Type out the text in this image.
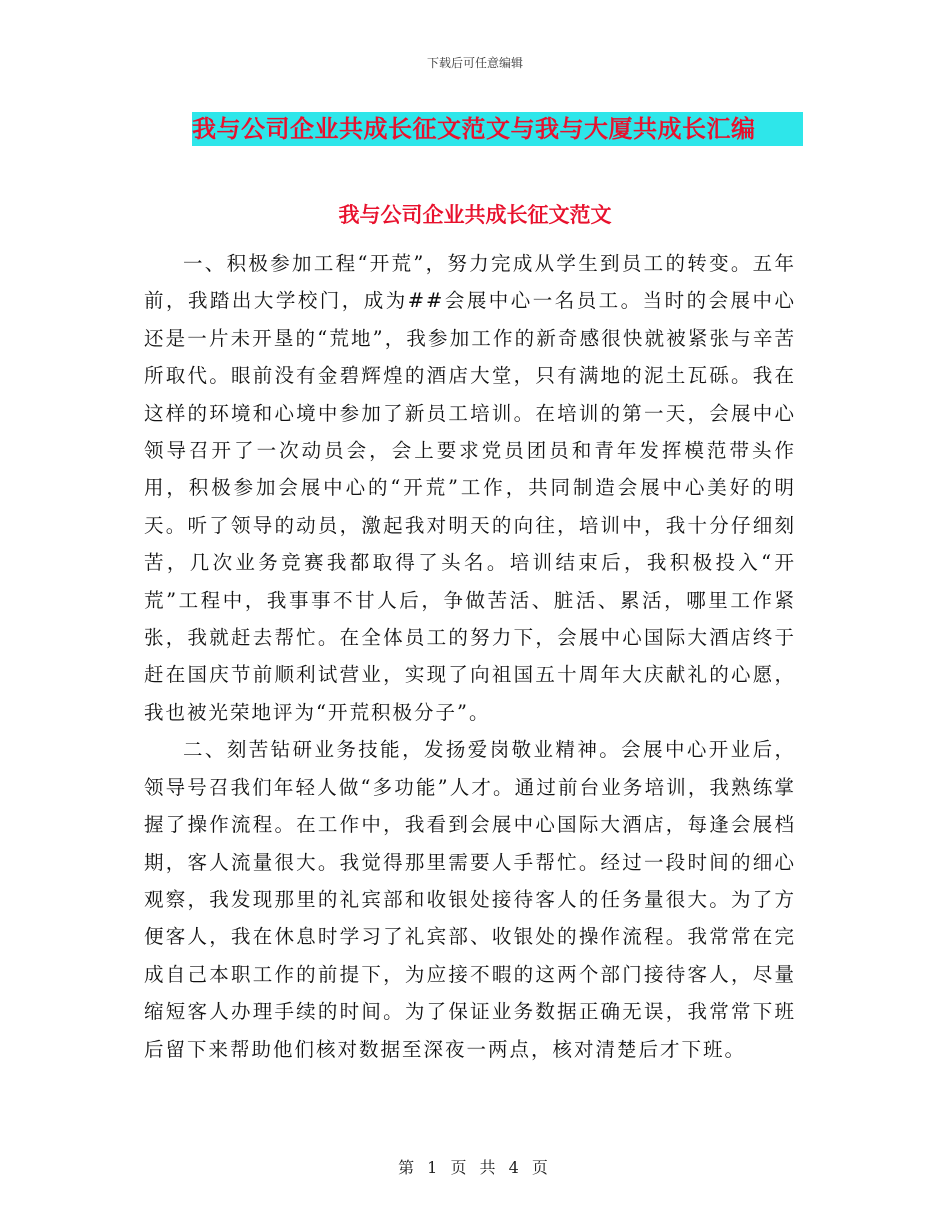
下载后可任意编辑
我与公司企业共成长征文范文与我与大厦共成长汇编
我与公司企业共成长征文范文

一、积极参加工程“开荒”，努力完成从学生到员工的转变。五年前，我踏出大学校门，成为##会展中心一名员工。当时的会展中心还是一片未开垦的“荒地”，我参加工作的新奇感很快就被紧张与辛苦所取代。眼前没有金碧辉煌的酒店大堂，只有满地的泥土瓦砾。我在这样的环境和心境中参加了新员工培训。在培训的第一天，会展中心领导召开了一次动员会，会上要求党员团员和青年发挥模范带头作用，积极参加会展中心的“开荒”工作，共同制造会展中心美好的明天。听了领导的动员，激起我对明天的向往，培训中，我十分仔细刻苦，几次业务竞赛我都取得了头名。培训结束后，我积极投入“开荒”工程中，我事事不甘人后，争做苦活、脏活、累活，哪里工作紧张，我就赶去帮忙。在全体员工的努力下，会展中心国际大酒店终于赶在国庆节前顺利试营业，实现了向祖国五十周年大庆献礼的心愿，我也被光荣地评为“开荒积极分子”。

二、刻苦钻研业务技能，发扬爱岗敬业精神。会展中心开业后，领导号召我们年轻人做“多功能”人才。通过前台业务培训，我熟练掌握了操作流程。在工作中，我看到会展中心国际大酒店，每逢会展档期，客人流量很大。我觉得那里需要人手帮忙。经过一段时间的细心观察，我发现那里的礼宾部和收银处接待客人的任务量很大。为了方便客人，我在休息时学习了礼宾部、收银处的操作流程。我常常在完成自己本职工作的前提下，为应接不暇的这两个部门接待客人，尽量缩短客人办理手续的时间。为了保证业务数据正确无误，我常常下班后留下来帮助他们核对数据至深夜一两点，核对清楚后才下班。

第 1 页 共 4 页
